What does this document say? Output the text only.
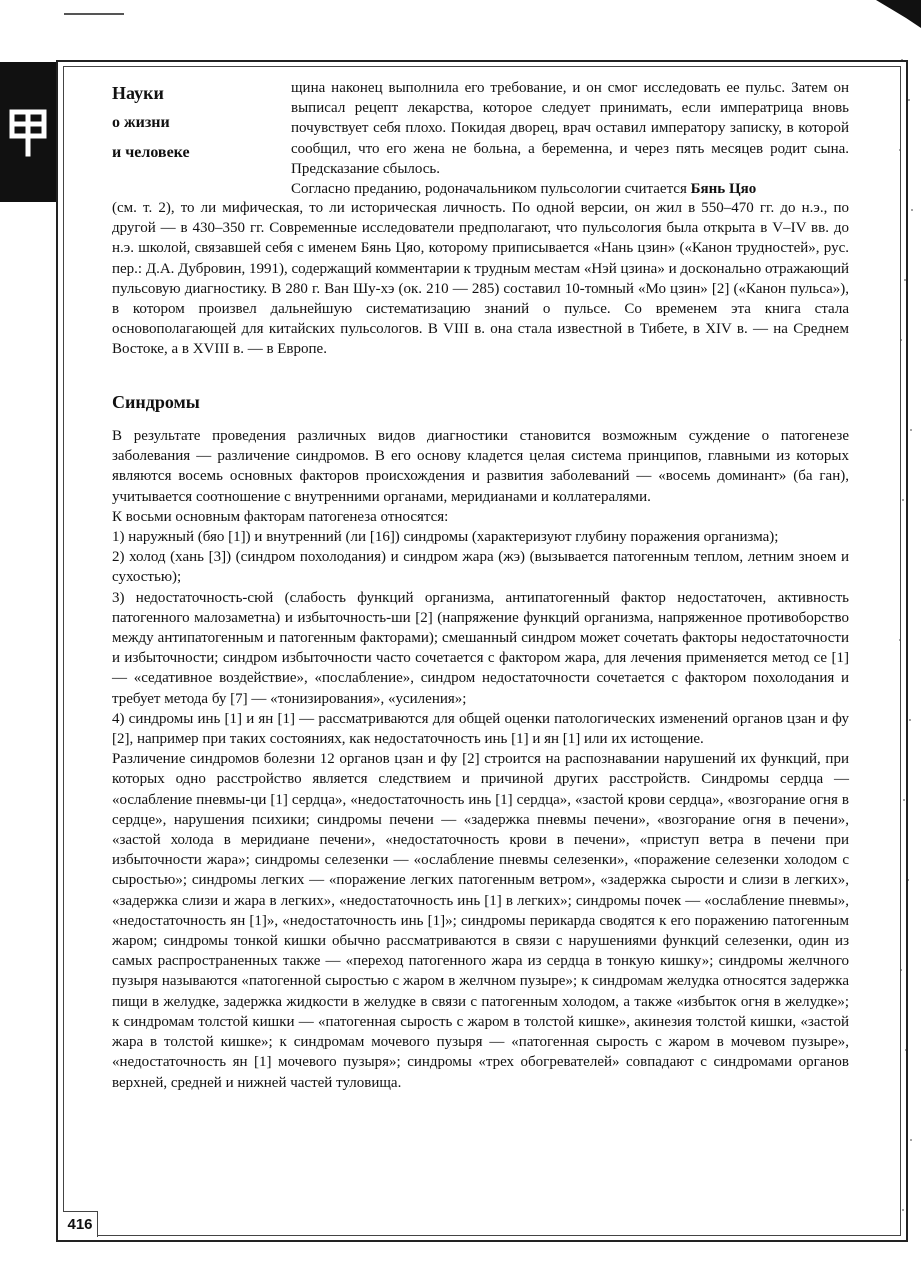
416
Науки
о жизни
и человеке

щина наконец выполнила его требование, и он смог исследовать ее пульс. Затем он выписал рецепт лекарства, которое следует принимать, если императрица вновь почувствует себя плохо. Покидая дворец, врач оставил императору записку, в которой сообщил, что его жена не больна, а беременна, и через пять месяцев родит сына. Предсказание сбылось.

Согласно преданию, родоначальником пульсологии считается Бянь Цяо

(см. т. 2), то ли мифическая, то ли историческая личность. По одной версии, он жил в 550–470 гг. до н.э., по другой — в 430–350 гг. Современные исследователи предполагают, что пульсология была открыта в V–IV вв. до н.э. школой, связавшей себя с именем Бянь Цяо, которому приписывается «Нань цзин» («Канон трудностей», рус. пер.: Д.А. Дубровин, 1991), содержащий комментарии к трудным местам «Нэй цзина» и досконально отражающий пульсовую диагностику. В 280 г. Ван Шу-хэ (ок. 210 — 285) составил 10-томный «Мо цзин» [2] («Канон пульса»), в котором произвел дальнейшую систематизацию знаний о пульсе. Со временем эта книга стала основополагающей для китайских пульсологов. В VIII в. она стала известной в Тибете, в XIV в. — на Среднем Востоке, а в XVIII в. — в Европе.
Синдромы

В результате проведения различных видов диагностики становится возможным суждение о патогенезе заболевания — различение синдромов. В его основу кладется целая система принципов, главными из которых являются восемь основных факторов происхождения и развития заболеваний — «восемь доминант» (ба ган), учитывается соотношение с внутренними органами, меридианами и коллатералями.

К восьми основным факторам патогенеза относятся:

1) наружный (бяо [1]) и внутренний (ли [16]) синдромы (характеризуют глубину поражения организма);

2) холод (хань [3]) (синдром похолодания) и синдром жара (жэ) (вызывается патогенным теплом, летним зноем и сухостью);

3) недостаточность-сюй (слабость функций организма, антипатогенный фактор недостаточен, активность патогенного малозаметна) и избыточность-ши [2] (напряжение функций организма, напряженное противоборство между антипатогенным и патогенным факторами); смешанный синдром может сочетать факторы недостаточности и избыточности; синдром избыточности часто сочетается с фактором жара, для лечения применяется метод се [1] — «седативное воздействие», «послабление», синдром недостаточности сочетается с фактором похолодания и требует метода бу [7] — «тонизирования», «усиления»;

4) синдромы инь [1] и ян [1] — рассматриваются для общей оценки патологических изменений органов цзан и фу [2], например при таких состояниях, как недостаточность инь [1] и ян [1] или их истощение.

Различение синдромов болезни 12 органов цзан и фу [2] строится на распознавании нарушений их функций, при которых одно расстройство является следствием и причиной других расстройств. Синдромы сердца — «ослабление пневмы-ци [1] сердца», «недостаточность инь [1] сердца», «застой крови сердца», «возгорание огня в сердце», нарушения психики; синдромы печени — «задержка пневмы печени», «возгорание огня в печени», «застой холода в меридиане печени», «недостаточность крови в печени», «приступ ветра в печени при избыточности жара»; синдромы селезенки — «ослабление пневмы селезенки», «поражение селезенки холодом с сыростью»; синдромы легких — «поражение легких патогенным ветром», «задержка сырости и слизи в легких», «задержка слизи и жара в легких», «недостаточность инь [1] в легких»; синдромы почек — «ослабление пневмы», «недостаточность ян [1]», «недостаточность инь [1]»; синдромы перикарда сводятся к его поражению патогенным жаром; синдромы тонкой кишки обычно рассматриваются в связи с нарушениями функций селезенки, один из самых распространенных также — «переход патогенного жара из сердца в тонкую кишку»; синдромы желчного пузыря называются «патогенной сыростью с жаром в желчном пузыре»; к синдромам желудка относятся задержка пищи в желудке, задержка жидкости в желудке в связи с патогенным холодом, а также «избыток огня в желудке»; к синдромам толстой кишки — «патогенная сырость с жаром в толстой кишке», акинезия толстой кишки, «застой жара в толстой кишке»; к синдромам мочевого пузыря — «патогенная сырость с жаром в мочевом пузыре», «недостаточность ян [1] мочевого пузыря»; синдромы «трех обогревателей» совпадают с синдромами органов верхней, средней и нижней частей туловища.
